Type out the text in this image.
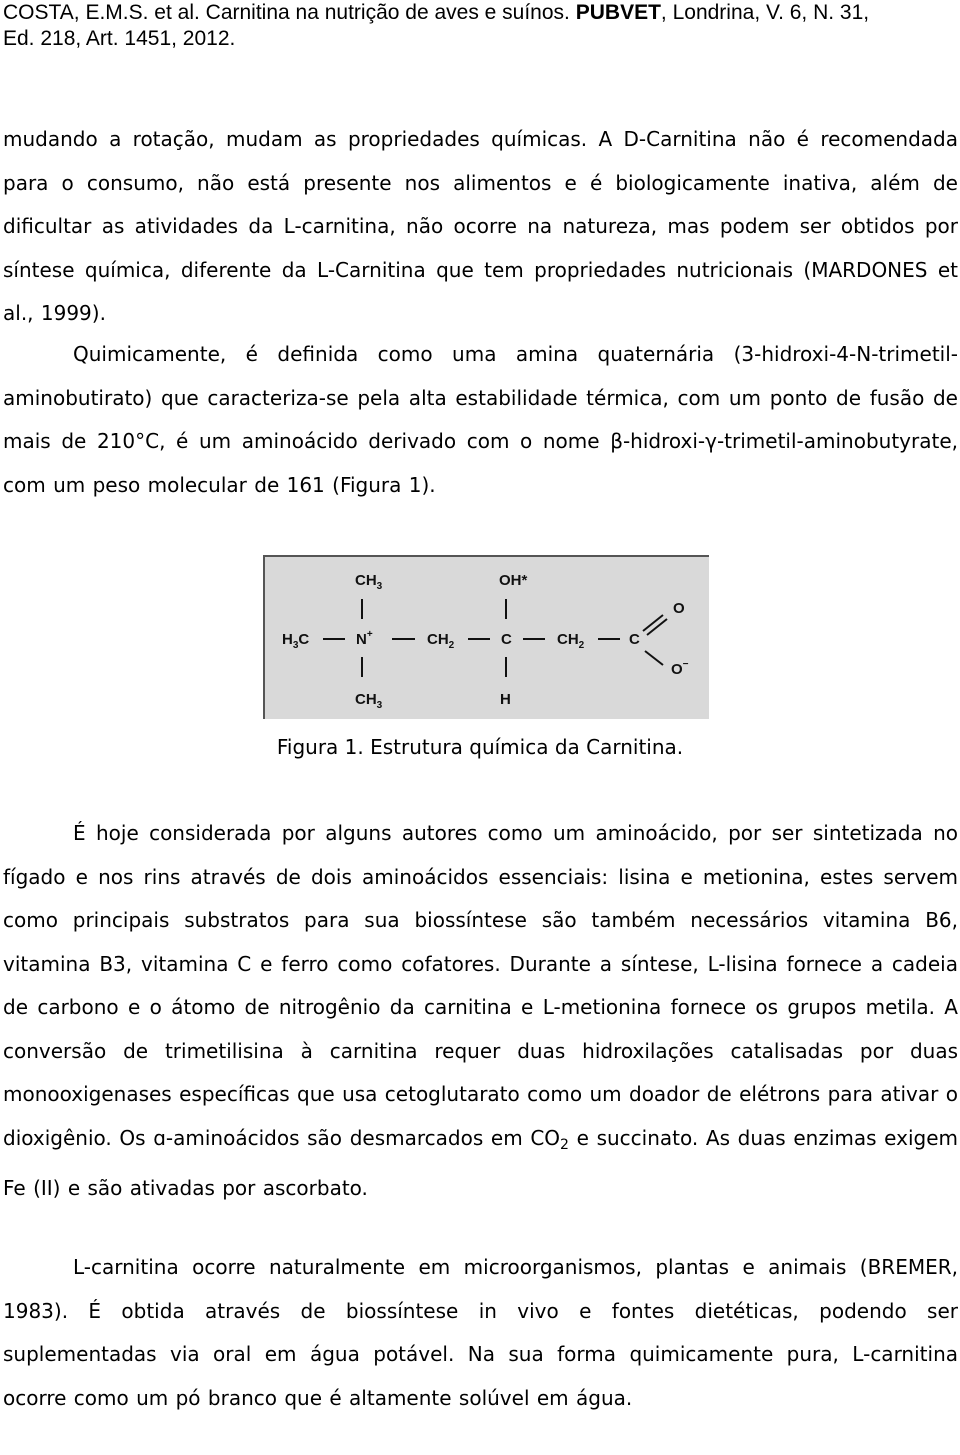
COSTA, E.M.S. et al. Carnitina na nutrição de aves e suínos. PUBVET, Londrina, V. 6, N. 31,
Ed. 218, Art. 1451, 2012.

mudando a rotação, mudam as propriedades químicas. A D-Carnitina não é recomendada para o consumo, não está presente nos alimentos e é biologicamente inativa, além de dificultar as atividades da L-carnitina, não ocorre na natureza, mas podem ser obtidos por síntese química, diferente da L-Carnitina que tem propriedades nutricionais (MARDONES et al., 1999).

Quimicamente, é definida como uma amina quaternária (3-hidroxi-4-N-trimetil-aminobutirato) que caracteriza-se pela alta estabilidade térmica, com um ponto de fusão de mais de 210°C, é um aminoácido derivado com o nome β-hidroxi-γ-trimetil-aminobutyrate, com um peso molecular de 161 (Figura 1).

$CH_3$	OH*
O
$H_3C$	N+	$CH_2$	C	$CH_2$	C
O−
$CH_3$	H
Figura 1. Estrutura química da Carnitina.

É hoje considerada por alguns autores como um aminoácido, por ser sintetizada no fígado e nos rins através de dois aminoácidos essenciais: lisina e metionina, estes servem como principais substratos para sua biossíntese são também necessários vitamina B6, vitamina B3, vitamina C e ferro como cofatores. Durante a síntese, L-lisina fornece a cadeia de carbono e o átomo de nitrogênio da carnitina e L-metionina fornece os grupos metila. A conversão de trimetilisina à carnitina requer duas hidroxilações catalisadas por duas monooxigenases específicas que usa cetoglutarato como um doador de elétrons para ativar o dioxigênio. Os ɑ-aminoácidos são desmarcados em $CO_2$ e succinato. As duas enzimas exigem Fe (II) e são ativadas por ascorbato.

L-carnitina ocorre naturalmente em microorganismos, plantas e animais (BREMER, 1983). É obtida através de biossíntese in vivo e fontes dietéticas, podendo ser suplementadas via oral em água potável. Na sua forma quimicamente pura, L-carnitina ocorre como um pó branco que é altamente solúvel em água.
